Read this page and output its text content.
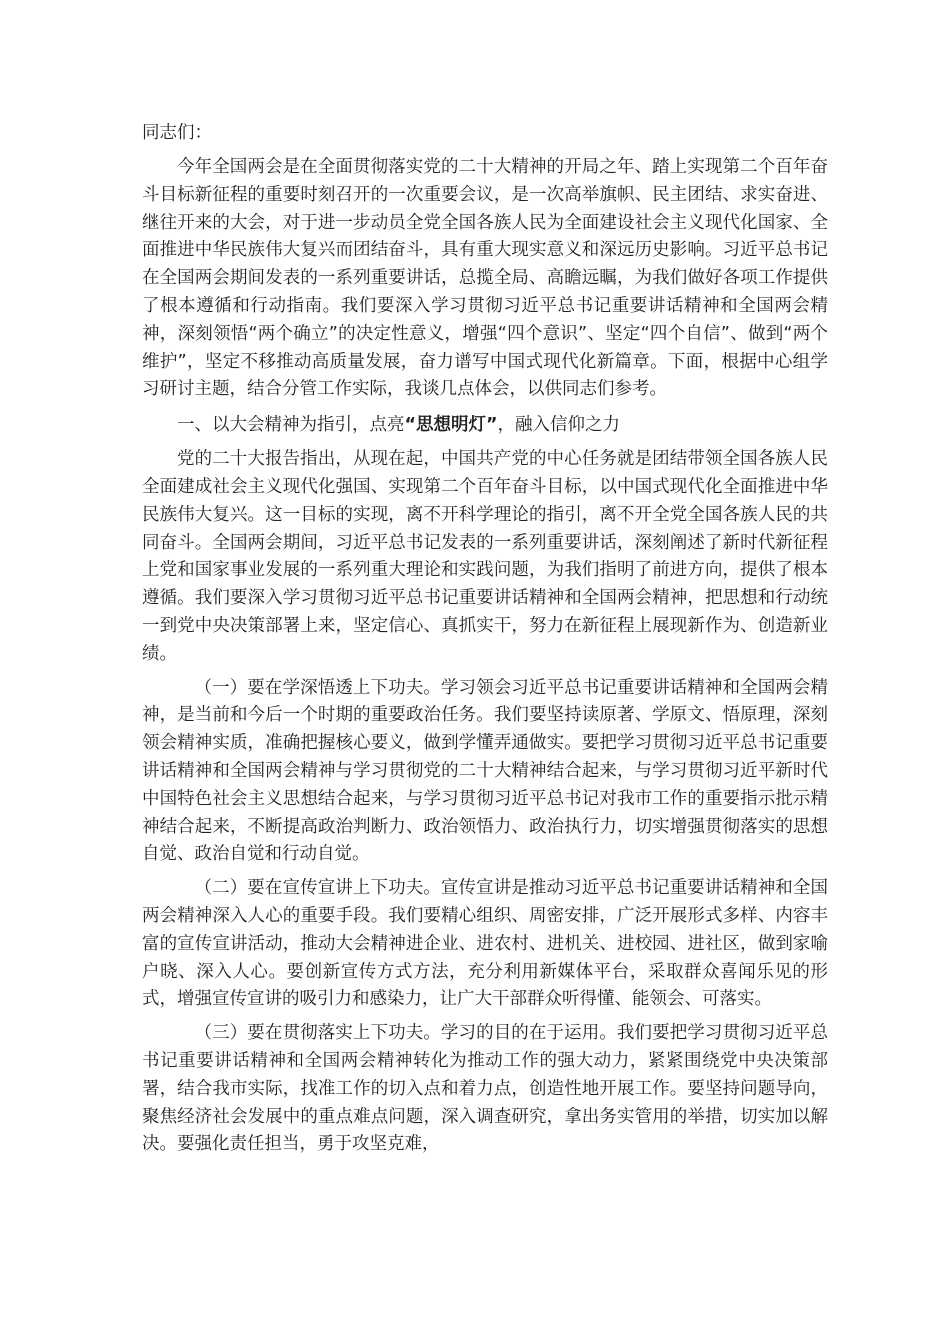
同志们：

今年全国两会是在全面贯彻落实党的二十大精神的开局之年、踏上实现第二个百年奋斗目标新征程的重要时刻召开的一次重要会议，是一次高举旗帜、民主团结、求实奋进、继往开来的大会，对于进一步动员全党全国各族人民为全面建设社会主义现代化国家、全面推进中华民族伟大复兴而团结奋斗，具有重大现实意义和深远历史影响。习近平总书记在全国两会期间发表的一系列重要讲话，总揽全局、高瞻远瞩，为我们做好各项工作提供了根本遵循和行动指南。我们要深入学习贯彻习近平总书记重要讲话精神和全国两会精神，深刻领悟“两个确立”的决定性意义，增强“四个意识”、坚定“四个自信”、做到“两个维护”，坚定不移推动高质量发展，奋力谱写中国式现代化新篇章。下面，根据中心组学习研讨主题，结合分管工作实际，我谈几点体会，以供同志们参考。

一、以大会精神为指引，点亮“思想明灯”，融入信仰之力

党的二十大报告指出，从现在起，中国共产党的中心任务就是团结带领全国各族人民全面建成社会主义现代化强国、实现第二个百年奋斗目标，以中国式现代化全面推进中华民族伟大复兴。这一目标的实现，离不开科学理论的指引，离不开全党全国各族人民的共同奋斗。全国两会期间，习近平总书记发表的一系列重要讲话，深刻阐述了新时代新征程上党和国家事业发展的一系列重大理论和实践问题，为我们指明了前进方向，提供了根本遵循。我们要深入学习贯彻习近平总书记重要讲话精神和全国两会精神，把思想和行动统一到党中央决策部署上来，坚定信心、真抓实干，努力在新征程上展现新作为、创造新业绩。

（一）要在学深悟透上下功夫。学习领会习近平总书记重要讲话精神和全国两会精神，是当前和今后一个时期的重要政治任务。我们要坚持读原著、学原文、悟原理，深刻领会精神实质，准确把握核心要义，做到学懂弄通做实。要把学习贯彻习近平总书记重要讲话精神和全国两会精神与学习贯彻党的二十大精神结合起来，与学习贯彻习近平新时代中国特色社会主义思想结合起来，与学习贯彻习近平总书记对我市工作的重要指示批示精神结合起来，不断提高政治判断力、政治领悟力、政治执行力，切实增强贯彻落实的思想自觉、政治自觉和行动自觉。

（二）要在宣传宣讲上下功夫。宣传宣讲是推动习近平总书记重要讲话精神和全国两会精神深入人心的重要手段。我们要精心组织、周密安排，广泛开展形式多样、内容丰富的宣传宣讲活动，推动大会精神进企业、进农村、进机关、进校园、进社区，做到家喻户晓、深入人心。要创新宣传方式方法，充分利用新媒体平台，采取群众喜闻乐见的形式，增强宣传宣讲的吸引力和感染力，让广大干部群众听得懂、能领会、可落实。

（三）要在贯彻落实上下功夫。学习的目的在于运用。我们要把学习贯彻习近平总书记重要讲话精神和全国两会精神转化为推动工作的强大动力，紧紧围绕党中央决策部署，结合我市实际，找准工作的切入点和着力点，创造性地开展工作。要坚持问题导向，聚焦经济社会发展中的重点难点问题，深入调查研究，拿出务实管用的举措，切实加以解决。要强化责任担当，勇于攻坚克难，
